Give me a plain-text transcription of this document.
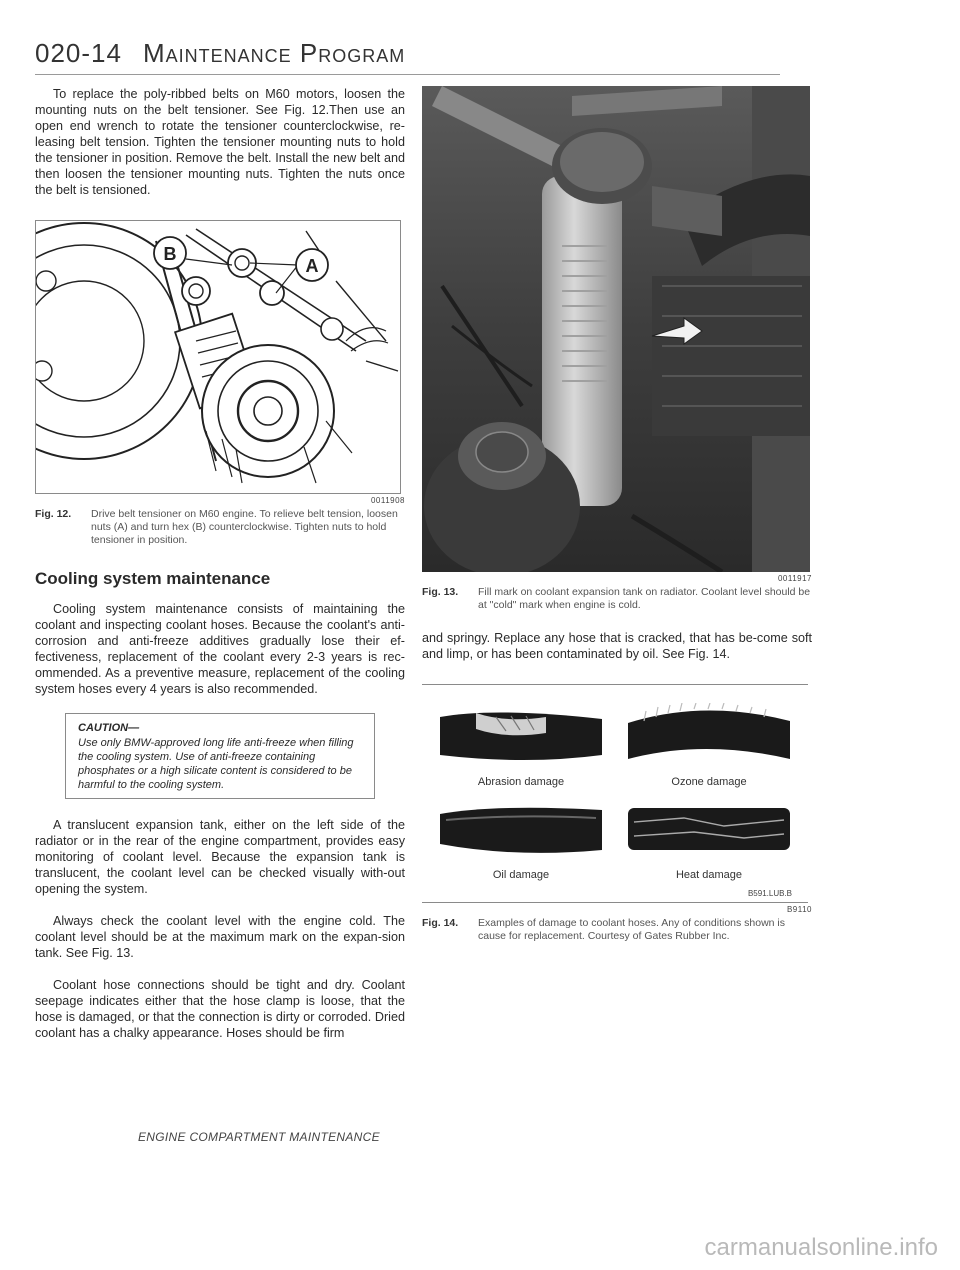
020-14 Maintenance Program

To replace the poly-ribbed belts on M60 motors, loosen the mounting nuts on the belt tensioner. See Fig. 12.Then use an open end wrench to rotate the tensioner counterclockwise, re-leasing belt tension. Tighten the tensioner mounting nuts to hold the tensioner in position. Remove the belt. Install the new belt and then loosen the tensioner mounting nuts. Tighten the nuts once the belt is tensioned.

B
A
0011908
Fig. 12. Drive belt tensioner on M60 engine. To relieve belt tension, loosen nuts (A) and turn hex (B) counterclockwise. Tighten nuts to hold tensioner in position.
Cooling system maintenance

Cooling system maintenance consists of maintaining the coolant and inspecting coolant hoses. Because the coolant's anti-corrosion and anti-freeze additives gradually lose their ef-fectiveness, replacement of the coolant every 2-3 years is rec-ommended. As a preventive measure, replacement of the cooling system hoses every 4 years is also recommended.

CAUTION—
Use only BMW-approved long life anti-freeze when filling the cooling system. Use of anti-freeze containing phosphates or a high silicate content is considered to be harmful to the cooling system.

A translucent expansion tank, either on the left side of the radiator or in the rear of the engine compartment, provides easy monitoring of coolant level. Because the expansion tank is translucent, the coolant level can be checked visually with-out opening the system.

Always check the coolant level with the engine cold. The coolant level should be at the maximum mark on the expan-sion tank. See Fig. 13.

Coolant hose connections should be tight and dry. Coolant seepage indicates either that the hose clamp is loose, that the hose is damaged, or that the connection is dirty or corroded. Dried coolant has a chalky appearance. Hoses should be firm

0011917
Fig. 13. Fill mark on coolant expansion tank on radiator. Coolant level should be at "cold" mark when engine is cold.

and springy. Replace any hose that is cracked, that has be-come soft and limp, or has been contaminated by oil. See Fig. 14.

Abrasion damage	Ozone damage
Oil damage	Heat damage
B591.LUB.B
B9110
Fig. 14. Examples of damage to coolant hoses. Any of conditions shown is cause for replacement. Courtesy of Gates Rubber Inc.
ENGINE COMPARTMENT MAINTENANCE
carmanualsonline.info
